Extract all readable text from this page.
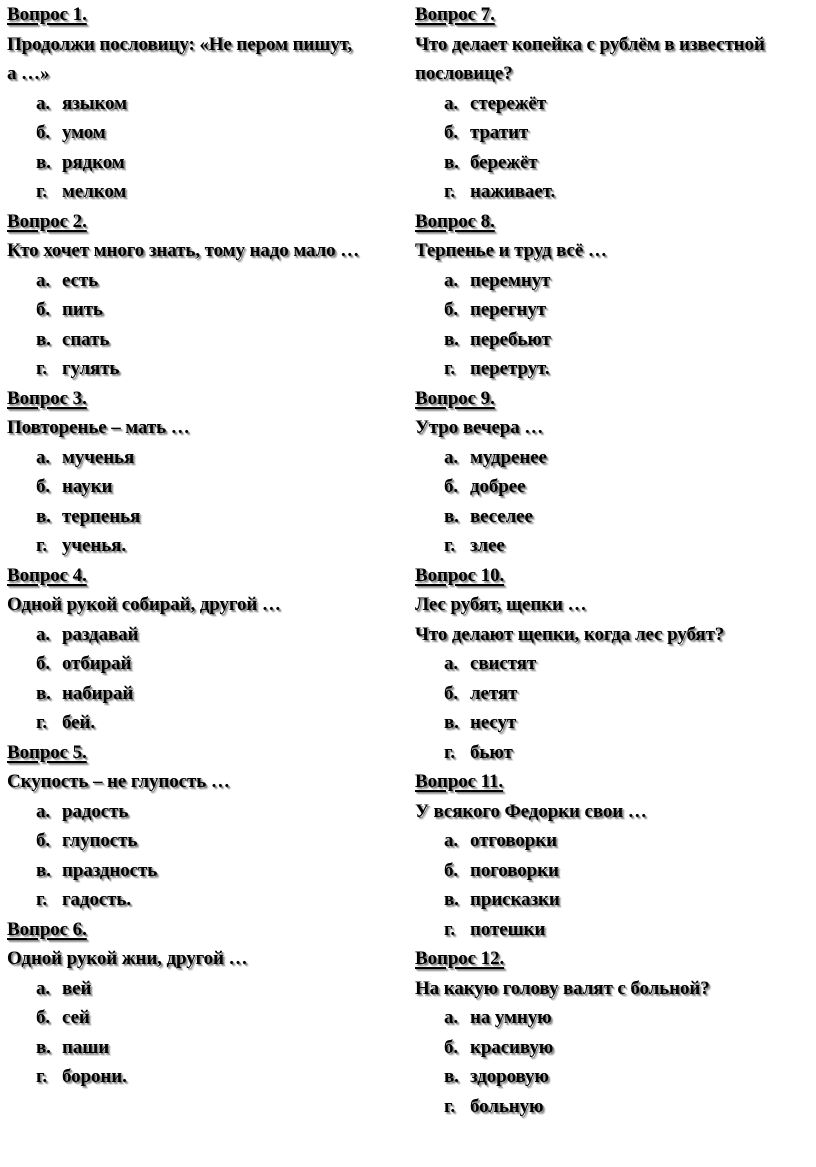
Вопрос 1.
Продолжи пословицу: «Не пером пишут,
а …»
а. языком
б. умом
в. рядком
г. мелком
Вопрос 2.
Кто хочет много знать, тому надо мало …
а. есть
б. пить
в. спать
г. гулять
Вопрос 3.
Повторенье – мать …
а. мученья
б. науки
в. терпенья
г. ученья.
Вопрос 4.
Одной рукой собирай, другой …
а. раздавай
б. отбирай
в. набирай
г. бей.
Вопрос 5.
Скупость – не глупость …
а. радость
б. глупость
в. праздность
г. гадость.
Вопрос 6.
Одной рукой жни, другой …
а. вей
б. сей
в. паши
г. борони.
Вопрос 7.
Что делает копейка с рублём в известной
пословице?
а. стережёт
б. тратит
в. бережёт
г. наживает.
Вопрос 8.
Терпенье и труд всё …
а. перемнут
б. перегнут
в. перебьют
г. перетрут.
Вопрос 9.
Утро вечера …
а. мудренее
б. добрее
в. веселее
г. злее
Вопрос 10.
Лес рубят, щепки …
Что делают щепки, когда лес рубят?
а. свистят
б. летят
в. несут
г. бьют
Вопрос 11.
У всякого Федорки свои …
а. отговорки
б. поговорки
в. присказки
г. потешки
Вопрос 12.
На какую голову валят с больной?
а. на умную
б. красивую
в. здоровую
г. больную
